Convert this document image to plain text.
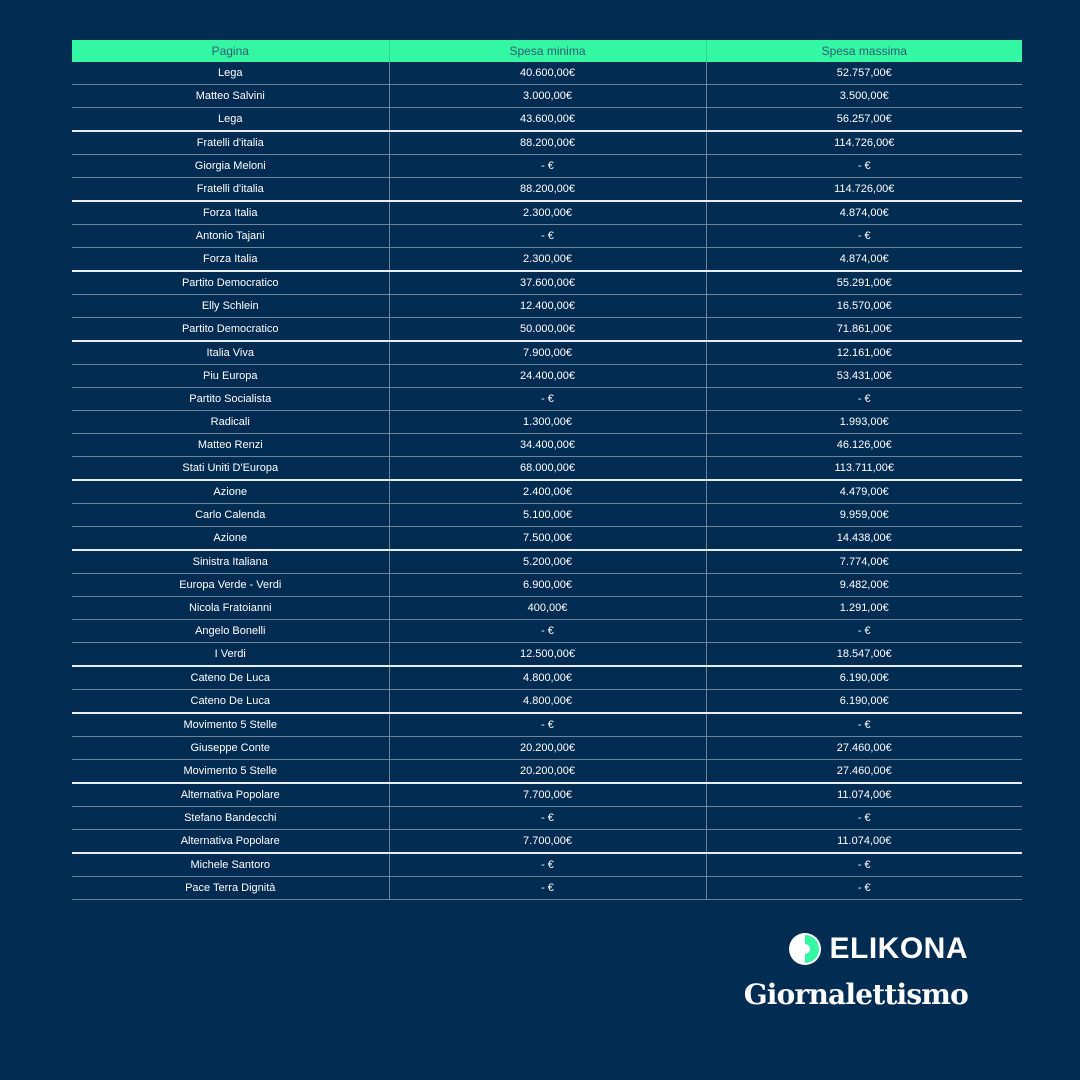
Pagina	Spesa minima	Spesa massima
Lega	40.600,00€	52.757,00€
Matteo Salvini	3.000,00€	3.500,00€
Lega	43.600,00€	56.257,00€
Fratelli d'italia	88.200,00€	114.726,00€
Giorgia Meloni	- €	- €
Fratelli d'italia	88.200,00€	114.726,00€
Forza Italia	2.300,00€	4.874,00€
Antonio Tajani	- €	- €
Forza Italia	2.300,00€	4.874,00€
Partito Democratico	37.600,00€	55.291,00€
Elly Schlein	12.400,00€	16.570,00€
Partito Democratico	50.000,00€	71.861,00€
Italia Viva	7.900,00€	12.161,00€
Piu Europa	24.400,00€	53.431,00€
Partito Socialista	- €	- €
Radicali	1.300,00€	1.993,00€
Matteo Renzi	34.400,00€	46.126,00€
Stati Uniti D'Europa	68.000,00€	113.711,00€
Azione	2.400,00€	4.479,00€
Carlo Calenda	5.100,00€	9.959,00€
Azione	7.500,00€	14.438,00€
Sinistra Italiana	5.200,00€	7.774,00€
Europa Verde - Verdi	6.900,00€	9.482,00€
Nicola Fratoianni	400,00€	1.291,00€
Angelo Bonelli	- €	- €
I Verdi	12.500,00€	18.547,00€
Cateno De Luca	4.800,00€	6.190,00€
Cateno De Luca	4.800,00€	6.190,00€
Movimento 5 Stelle	- €	- €
Giuseppe Conte	20.200,00€	27.460,00€
Movimento 5 Stelle	20.200,00€	27.460,00€
Alternativa Popolare	7.700,00€	11.074,00€
Stefano Bandecchi	- €	- €
Alternativa Popolare	7.700,00€	11.074,00€
Michele Santoro	- €	- €
Pace Terra Dignità	- €	- €
ELIKONA
Giornalettismo
